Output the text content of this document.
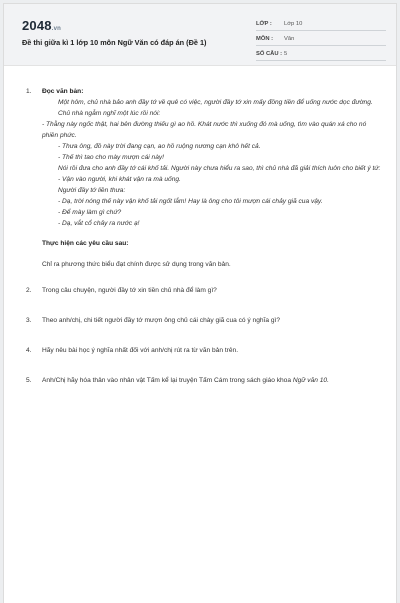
2048.vn
Đề thi giữa kì 1 lớp 10 môn Ngữ Văn có đáp án (Đề 1)
LỚP :	Lớp 10
MÔN :	Văn
SỐ CÂU : 5
1. Đọc văn bản:

Một hôm, chủ nhà bảo anh đầy tớ về quê có việc, người đầy tớ xin mấy đồng tiền để uống nước dọc đường.

Chủ nhà ngẫm nghĩ một lúc rồi nói:

- Thằng này ngốc thật, hai bên đường thiếu gì ao hồ. Khát nước thì xuống đó mà uống, tìm vào quán xá cho nó phiền phức.

- Thưa ông, đồ này trời đang cạn, ao hồ ruộng nương cạn khô hết cả.

- Thế thì tao cho mày mượn cái này!

Nói rồi đưa cho anh đầy tớ cái khố tải. Người này chưa hiểu ra sao, thì chủ nhà đã giải thích luôn cho biết ý tứ:

- Vận vào người, khi khát vận ra mà uống.

Người đầy tớ liền thưa:

- Dạ, trời nóng thế này vận khố tải ngốt lắm! Hay là ông cho tôi mượn cái chảy giã cua vậy.

- Để mày làm gì chứ?

- Dạ, vắt cổ chảy ra nước ạ!

Thực hiện các yêu cầu sau:
Chỉ ra phương thức biểu đạt chính được sử dụng trong văn bản.
2. Trong câu chuyện, người đầy tớ xin tiền chủ nhà để làm gì?
3. Theo anh/chị, chi tiết người đầy tớ mượn ông chủ cái chày giã cua có ý nghĩa gì?
4. Hãy nêu bài học ý nghĩa nhất đối với anh/chị rút ra từ văn bản trên.
5. Anh/Chị hãy hóa thân vào nhân vật Tấm kể lại truyện Tấm Cám trong sách giáo khoa Ngữ văn 10.
